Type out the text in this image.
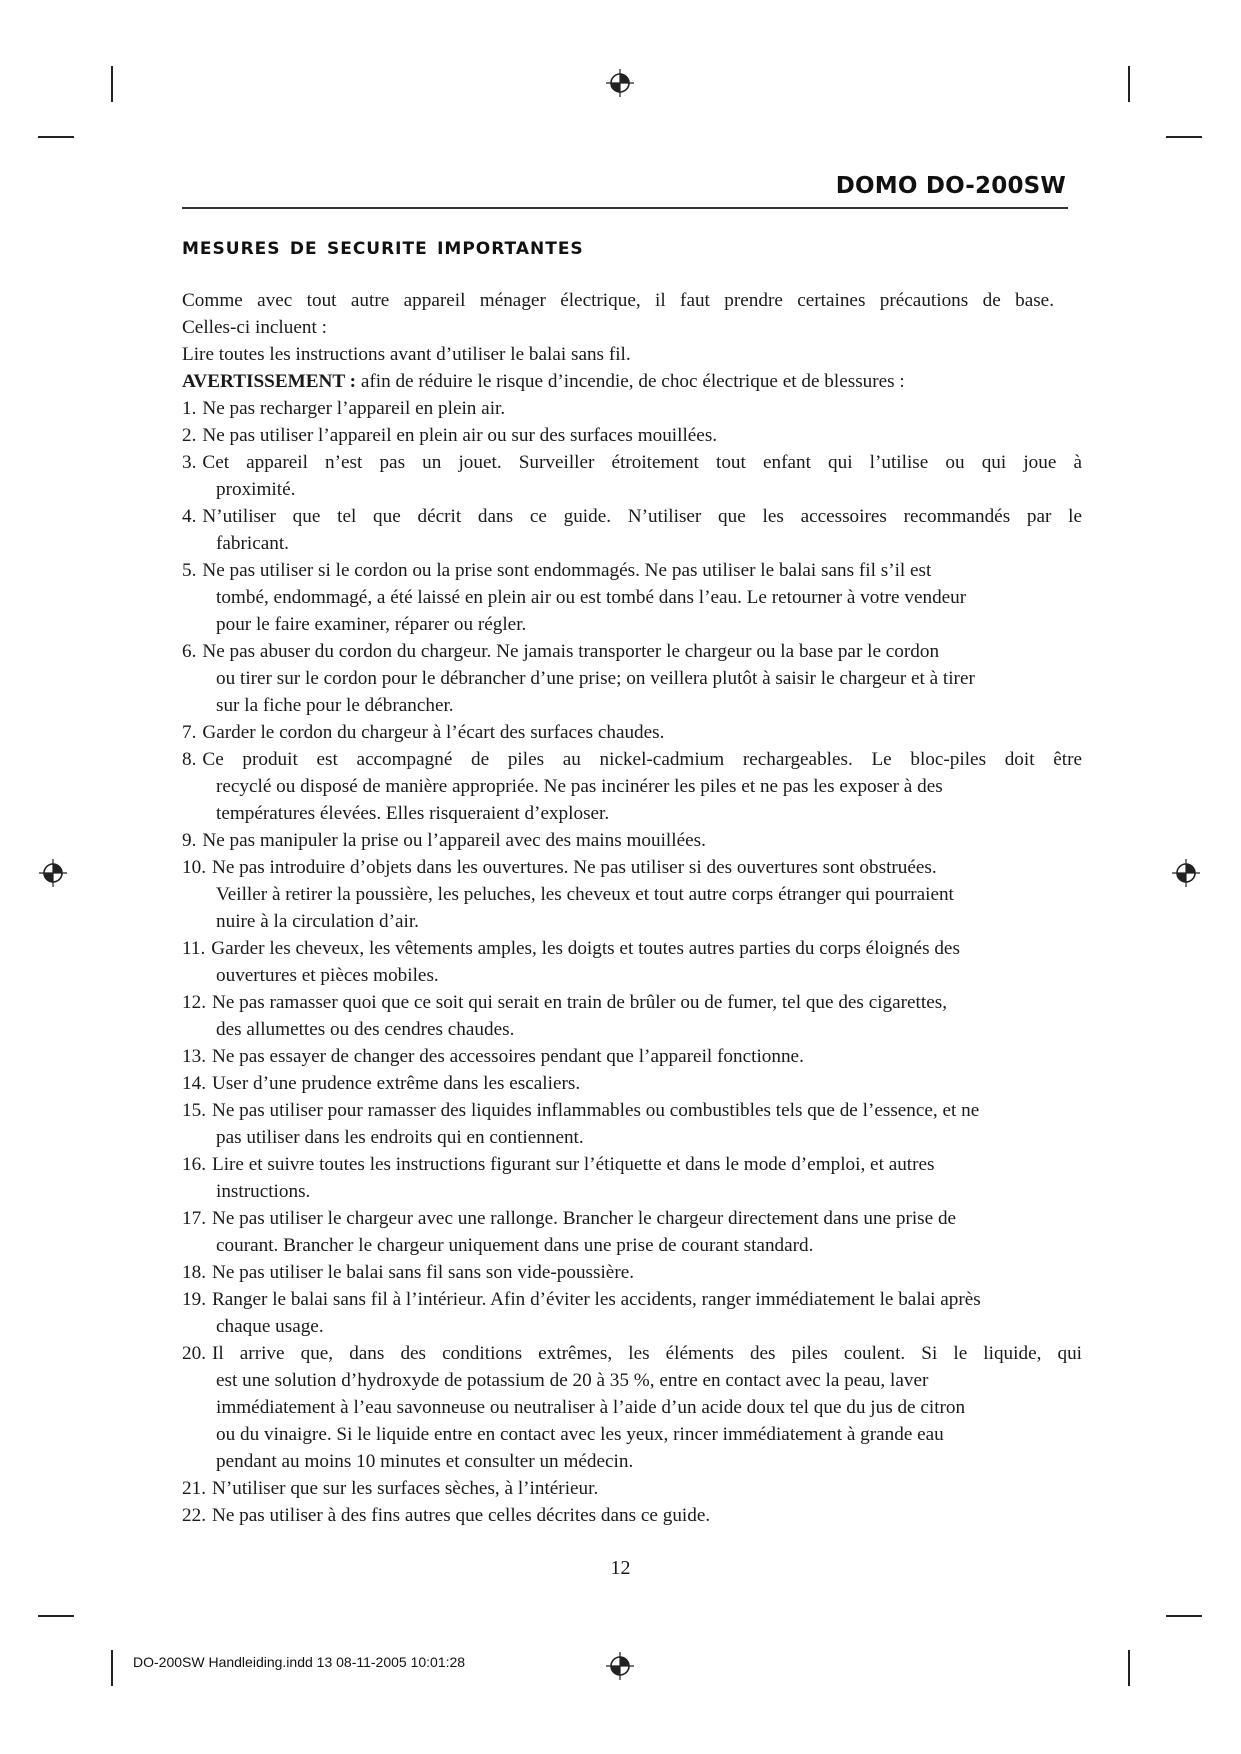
DOMO DO-200SW
mesures de securite importantes

Comme avec tout autre appareil ménager électrique, il faut prendre certaines précautions de base.

Celles-ci incluent :

Lire toutes les instructions avant d’utiliser le balai sans fil.

AVERTISSEMENT : afin de réduire le risque d’incendie, de choc électrique et de blessures :

1. Ne pas recharger l’appareil en plein air.
2. Ne pas utiliser l’appareil en plein air ou sur des surfaces mouillées.
3. Cet appareil n’est pas un jouet. Surveiller étroitement tout enfant qui l’utilise ou qui joue à
proximité.
4. N’utiliser que tel que décrit dans ce guide. N’utiliser que les accessoires recommandés par le
fabricant.
5. Ne pas utiliser si le cordon ou la prise sont endommagés. Ne pas utiliser le balai sans fil s’il est
tombé, endommagé, a été laissé en plein air ou est tombé dans l’eau. Le retourner à votre vendeur
pour le faire examiner, réparer ou régler.
6. Ne pas abuser du cordon du chargeur. Ne jamais transporter le chargeur ou la base par le cordon
ou tirer sur le cordon pour le débrancher d’une prise; on veillera plutôt à saisir le chargeur et à tirer
sur la fiche pour le débrancher.
7. Garder le cordon du chargeur à l’écart des surfaces chaudes.
8. Ce produit est accompagné de piles au nickel-cadmium rechargeables. Le bloc-piles doit être
recyclé ou disposé de manière appropriée. Ne pas incinérer les piles et ne pas les exposer à des
températures élevées. Elles risqueraient d’exploser.
9. Ne pas manipuler la prise ou l’appareil avec des mains mouillées.
10. Ne pas introduire d’objets dans les ouvertures. Ne pas utiliser si des ouvertures sont obstruées.
Veiller à retirer la poussière, les peluches, les cheveux et tout autre corps étranger qui pourraient
nuire à la circulation d’air.
11. Garder les cheveux, les vêtements amples, les doigts et toutes autres parties du corps éloignés des
ouvertures et pièces mobiles.
12. Ne pas ramasser quoi que ce soit qui serait en train de brûler ou de fumer, tel que des cigarettes,
des allumettes ou des cendres chaudes.
13. Ne pas essayer de changer des accessoires pendant que l’appareil fonctionne.
14. User d’une prudence extrême dans les escaliers.
15. Ne pas utiliser pour ramasser des liquides inflammables ou combustibles tels que de l’essence, et ne
pas utiliser dans les endroits qui en contiennent.
16. Lire et suivre toutes les instructions figurant sur l’étiquette et dans le mode d’emploi, et autres
instructions.
17. Ne pas utiliser le chargeur avec une rallonge. Brancher le chargeur directement dans une prise de
courant. Brancher le chargeur uniquement dans une prise de courant standard.
18. Ne pas utiliser le balai sans fil sans son vide-poussière.
19. Ranger le balai sans fil à l’intérieur. Afin d’éviter les accidents, ranger immédiatement le balai après
chaque usage.
20. Il arrive que, dans des conditions extrêmes, les éléments des piles coulent. Si le liquide, qui
est une solution d’hydroxyde de potassium de 20 à 35 %, entre en contact avec la peau, laver
immédiatement à l’eau savonneuse ou neutraliser à l’aide d’un acide doux tel que du jus de citron
ou du vinaigre. Si le liquide entre en contact avec les yeux, rincer immédiatement à grande eau
pendant au moins 10 minutes et consulter un médecin.
21. N’utiliser que sur les surfaces sèches, à l’intérieur.
22. Ne pas utiliser à des fins autres que celles décrites dans ce guide.
12
DO-200SW Handleiding.indd 13 08-11-2005 10:01:28
